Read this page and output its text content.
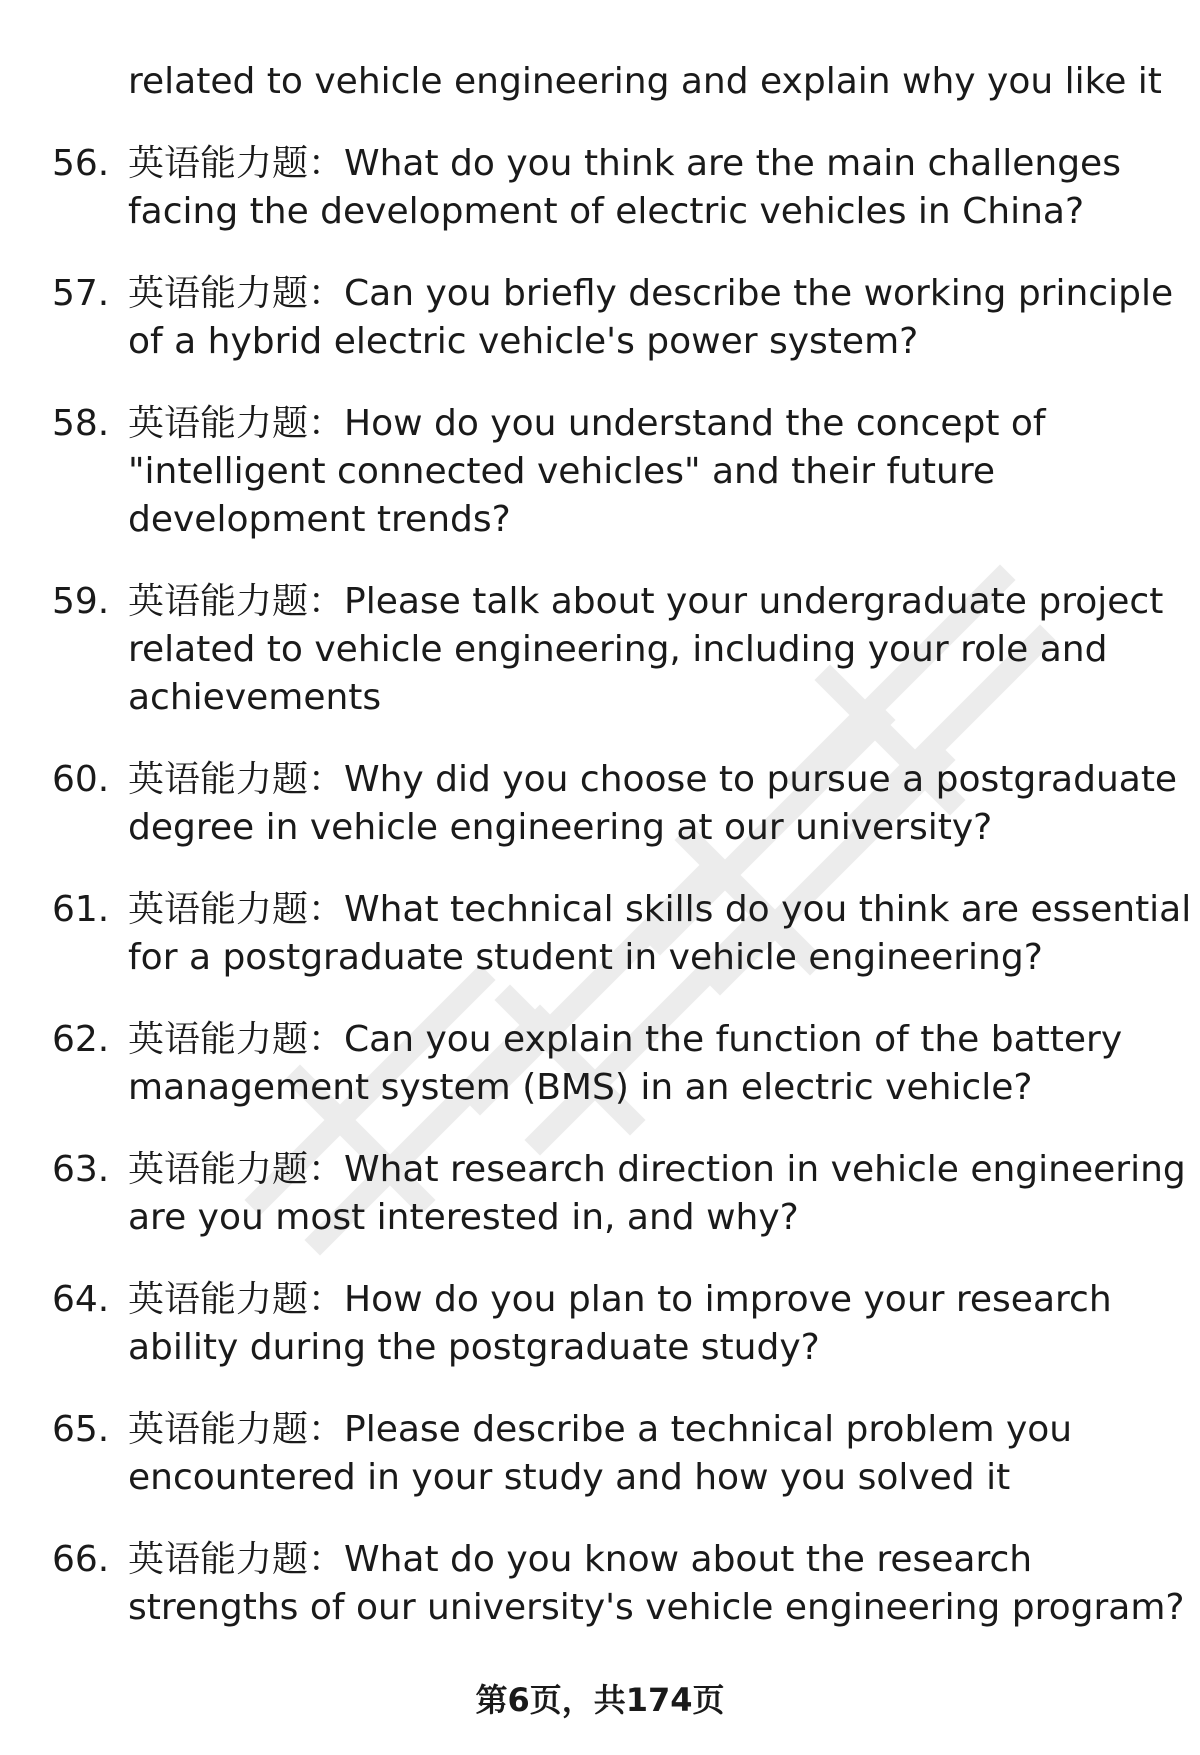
related to vehicle engineering and explain why you like it
56. 英语能力题：What do you think are the main challenges
facing the development of electric vehicles in China?
57. 英语能力题：Can you briefly describe the working principle
of a hybrid electric vehicle's power system?
58. 英语能力题：How do you understand the concept of
"intelligent connected vehicles" and their future
development trends?
59. 英语能力题：Please talk about your undergraduate project
related to vehicle engineering, including your role and
achievements
60. 英语能力题：Why did you choose to pursue a postgraduate
degree in vehicle engineering at our university?
61. 英语能力题：What technical skills do you think are essential
for a postgraduate student in vehicle engineering?
62. 英语能力题：Can you explain the function of the battery
management system (BMS) in an electric vehicle?
63. 英语能力题：What research direction in vehicle engineering
are you most interested in, and why?
64. 英语能力题：How do you plan to improve your research
ability during the postgraduate study?
65. 英语能力题：Please describe a technical problem you
encountered in your study and how you solved it
66. 英语能力题：What do you know about the research
strengths of our university's vehicle engineering program?
第6页，共174页
